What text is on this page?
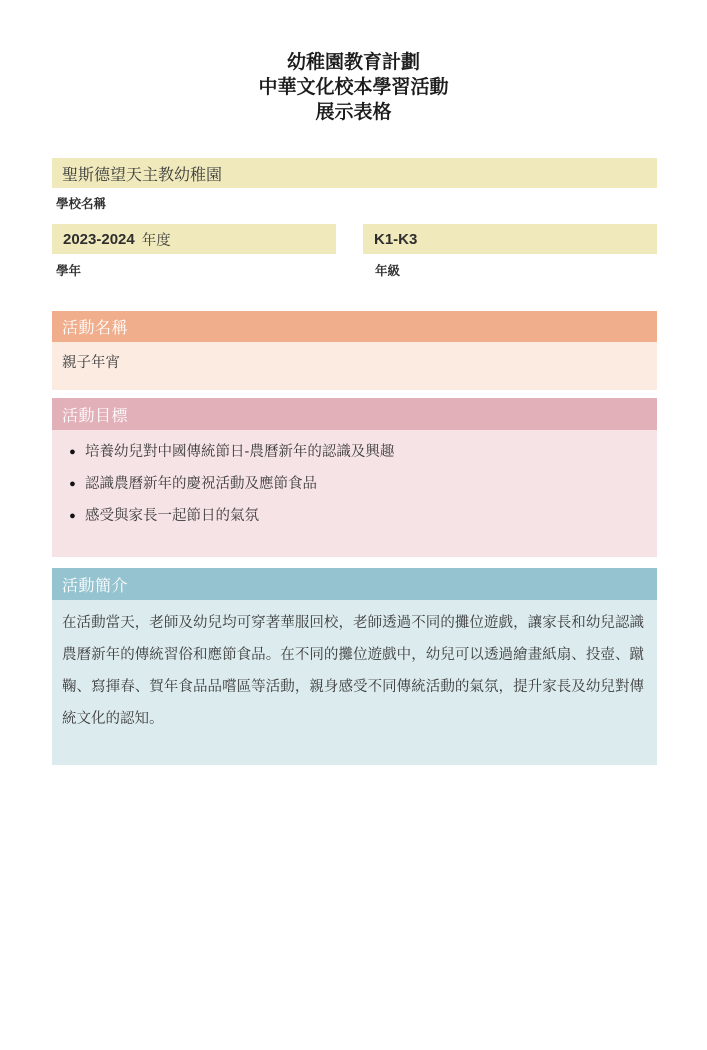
幼稚園教育計劃
中華文化校本學習活動
展示表格
聖斯德望天主教幼稚園
學校名稱
2023-2024 年度	K1-K3
學年	年級
活動名稱
親子年宵
活動目標
● 培養幼兒對中國傳統節日-農曆新年的認識及興趣
● 認識農曆新年的慶祝活動及應節食品
● 感受與家長一起節日的氣氛
活動簡介
在活動當天，老師及幼兒均可穿著華服回校，老師透過不同的攤位遊戲，讓家長和幼兒認識農曆新年的傳統習俗和應節食品。在不同的攤位遊戲中，幼兒可以透過繪畫紙扇、投壺、蹴鞠、寫揮春、賀年食品品嚐區等活動，親身感受不同傳統活動的氣氛，提升家長及幼兒對傳統文化的認知。
